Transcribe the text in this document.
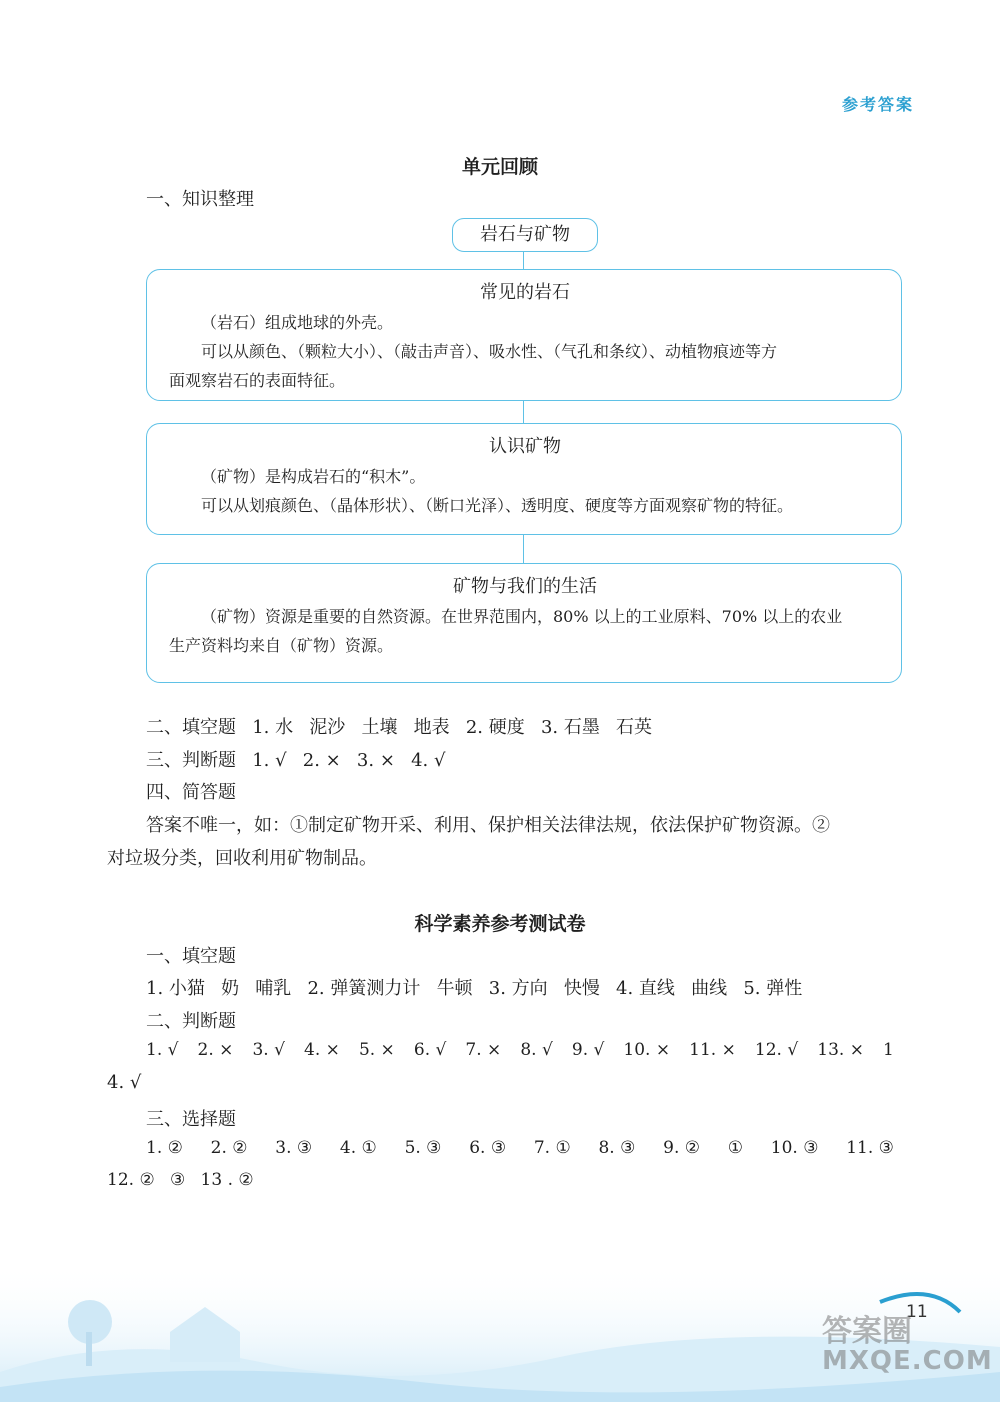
参考答案
单元回顾
一、知识整理
岩石与矿物
常见的岩石
（岩石）组成地球的外壳。
可以从颜色、（颗粒大小）、（敲击声音）、吸水性、（气孔和条纹）、动植物痕迹等方
面观察岩石的表面特征。
认识矿物
（矿物）是构成岩石的“积木”。
可以从划痕颜色、（晶体形状）、（断口光泽）、透明度、硬度等方面观察矿物的特征。
矿物与我们的生活
（矿物）资源是重要的自然资源。在世界范围内，80% 以上的工业原料、70% 以上的农业
生产资料均来自（矿物）资源。
二、填空题 1. 水 泥沙 土壤 地表 2. 硬度 3. 石墨 石英
三、判断题 1. √ 2. × 3. × 4. √
四、简答题
答案不唯一，如：①制定矿物开采、利用、保护相关法律法规，依法保护矿物资源。②
对垃圾分类，回收利用矿物制品。
科学素养参考测试卷
一、填空题
1. 小猫 奶 哺乳 2. 弹簧测力计 牛顿 3. 方向 快慢 4. 直线 曲线 5. 弹性
二、判断题
1. √ 2. × 3. √ 4. × 5. × 6. √ 7. × 8. √ 9. √ 10. × 11. × 12. √ 13. × 1
4. √
三、选择题
1. ② 2. ② 3. ③ 4. ① 5. ③ 6. ③ 7. ① 8. ③ 9. ② ① 10. ③ 11. ③
12. ② ③ 13 . ②
11
答案圈
MXQE.COM
